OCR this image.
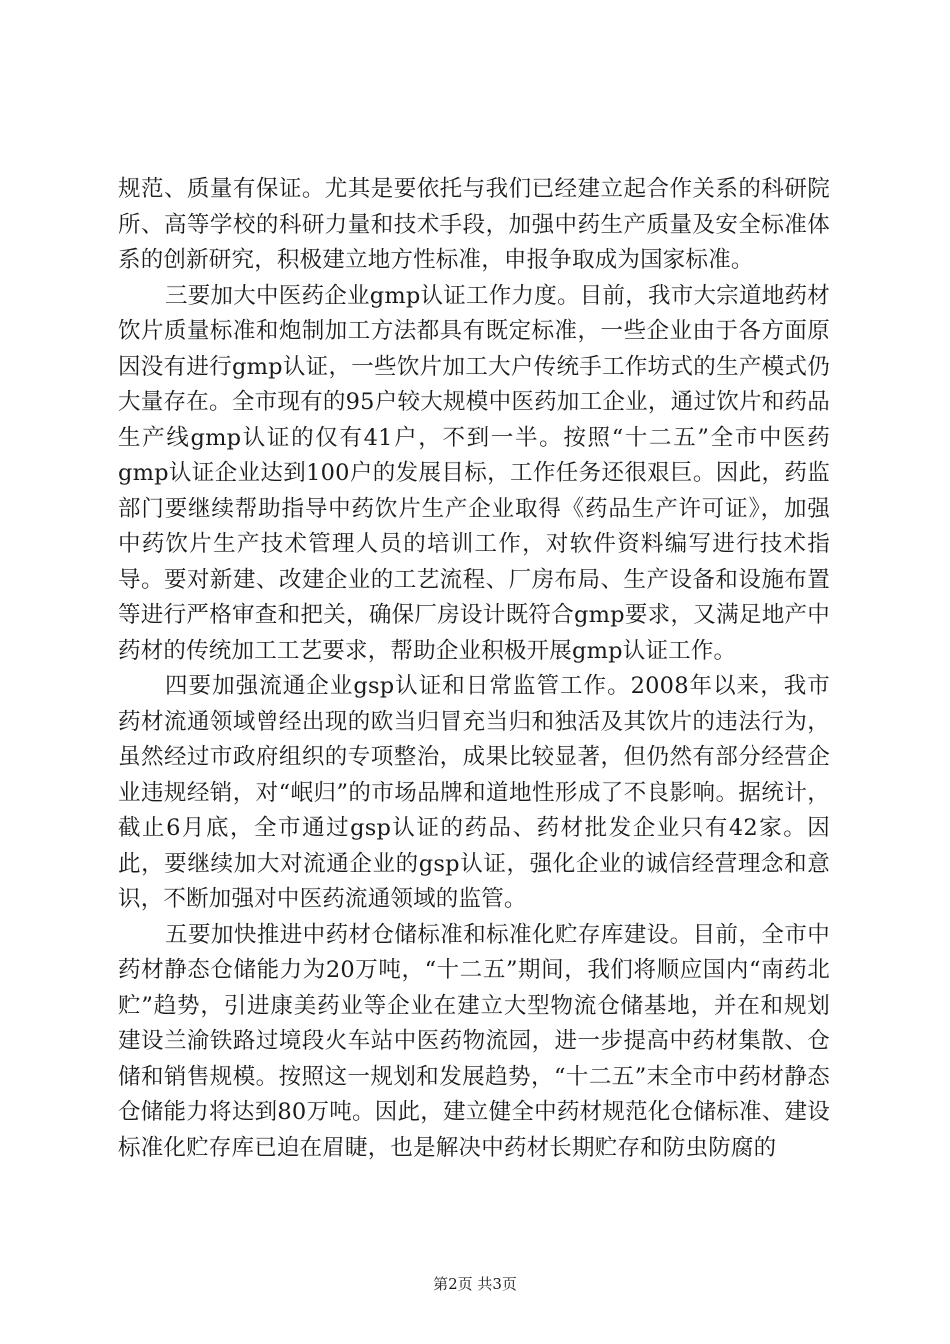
规范、质量有保证。尤其是要依托与我们已经建立起合作关系的科研院所、高等学校的科研力量和技术手段，加强中药生产质量及安全标准体系的创新研究，积极建立地方性标准，申报争取成为国家标准。

三要加大中医药企业gmp认证工作力度。目前，我市大宗道地药材饮片质量标准和炮制加工方法都具有既定标准，一些企业由于各方面原因没有进行gmp认证，一些饮片加工大户传统手工作坊式的生产模式仍大量存在。全市现有的95户较大规模中医药加工企业，通过饮片和药品生产线gmp认证的仅有41户，不到一半。按照“十二五”全市中医药gmp认证企业达到100户的发展目标，工作任务还很艰巨。因此，药监部门要继续帮助指导中药饮片生产企业取得《药品生产许可证》，加强中药饮片生产技术管理人员的培训工作，对软件资料编写进行技术指导。要对新建、改建企业的工艺流程、厂房布局、生产设备和设施布置等进行严格审查和把关，确保厂房设计既符合gmp要求，又满足地产中药材的传统加工工艺要求，帮助企业积极开展gmp认证工作。

四要加强流通企业gsp认证和日常监管工作。2008年以来，我市药材流通领域曾经出现的欧当归冒充当归和独活及其饮片的违法行为，虽然经过市政府组织的专项整治，成果比较显著，但仍然有部分经营企业违规经销，对“岷归”的市场品牌和道地性形成了不良影响。据统计，截止6月底，全市通过gsp认证的药品、药材批发企业只有42家。因此，要继续加大对流通企业的gsp认证，强化企业的诚信经营理念和意识，不断加强对中医药流通领域的监管。

五要加快推进中药材仓储标准和标准化贮存库建设。目前，全市中药材静态仓储能力为20万吨，“十二五”期间，我们将顺应国内“南药北贮”趋势，引进康美药业等企业在建立大型物流仓储基地，并在和规划建设兰渝铁路过境段火车站中医药物流园，进一步提高中药材集散、仓储和销售规模。按照这一规划和发展趋势，“十二五”末全市中药材静态仓储能力将达到80万吨。因此，建立健全中药材规范化仓储标准、建设标准化贮存库已迫在眉睫，也是解决中药材长期贮存和防虫防腐的

第2页 共3页
